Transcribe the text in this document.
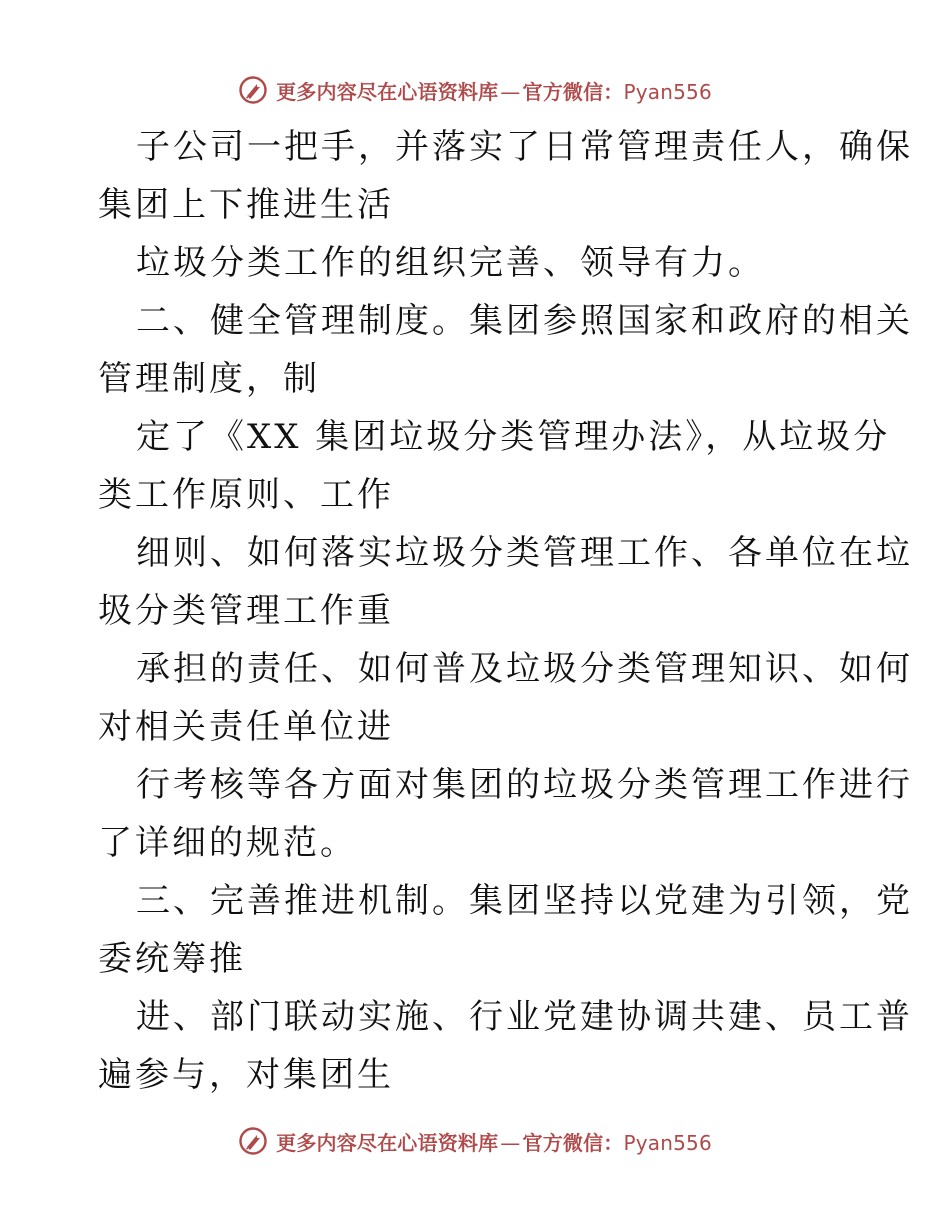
更多内容尽在心语资料库 — 官方微信：Pyan556
子公司一把手，并落实了日常管理责任人，确保
集团上下推进生活
垃圾分类工作的组织完善、领导有力。
二、健全管理制度。集团参照国家和政府的相关
管理制度，制
定了《XX 集团垃圾分类管理办法》，从垃圾分
类工作原则、工作
细则、如何落实垃圾分类管理工作、各单位在垃
圾分类管理工作重
承担的责任、如何普及垃圾分类管理知识、如何
对相关责任单位进
行考核等各方面对集团的垃圾分类管理工作进行
了详细的规范。
三、完善推进机制。集团坚持以党建为引领，党
委统筹推
进、部门联动实施、行业党建协调共建、员工普
遍参与，对集团生
更多内容尽在心语资料库 — 官方微信：Pyan556
